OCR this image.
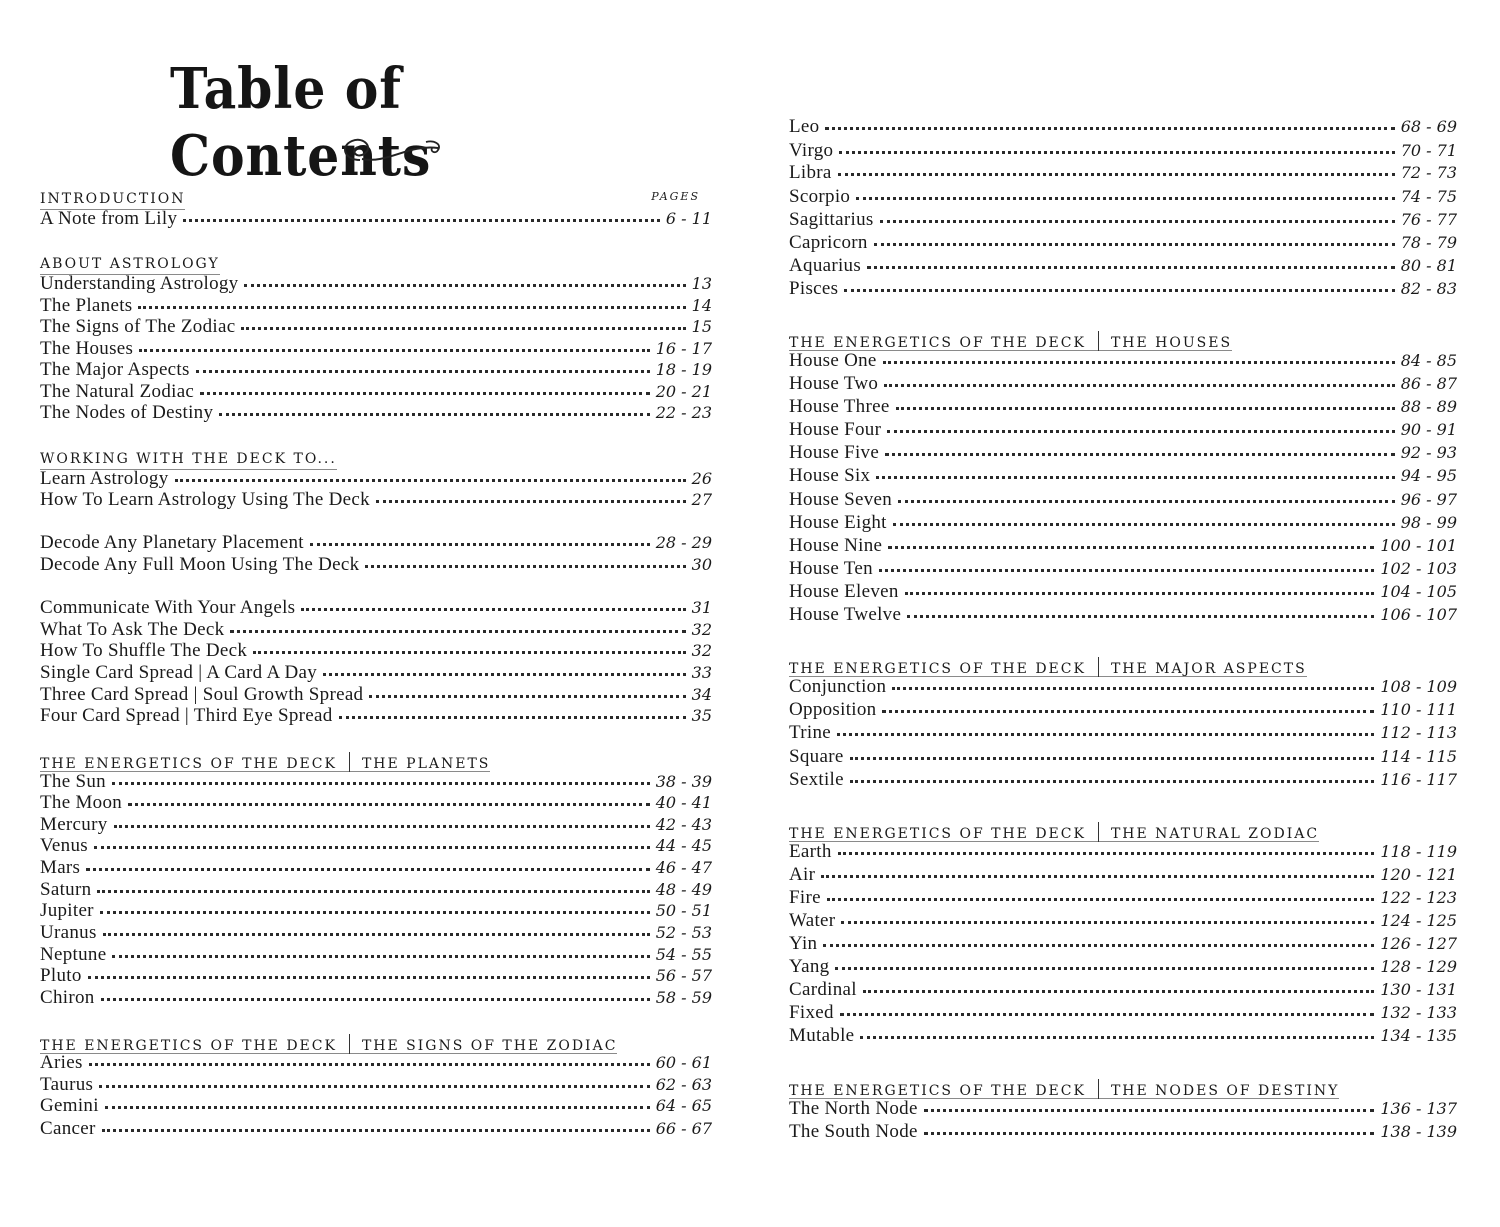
Table of Contents
PAGES
INTRODUCTION
A Note from Lily	6 - 11
ABOUT ASTROLOGY
Understanding Astrology	13
The Planets	14
The Signs of The Zodiac	15
The Houses	16 - 17
The Major Aspects	18 - 19
The Natural Zodiac	20 - 21
The Nodes of Destiny	22 - 23
WORKING WITH THE DECK TO...
Learn Astrology	26
How To Learn Astrology Using The Deck	27
Decode Any Planetary Placement	28 - 29
Decode Any Full Moon Using The Deck	30
Communicate With Your Angels	31
What To Ask The Deck	32
How To Shuffle The Deck	32
Single Card Spread | A Card A Day	33
Three Card Spread | Soul Growth Spread	34
Four Card Spread | Third Eye Spread	35
THE ENERGETICS OF THE DECK THE PLANETS
The Sun	38 - 39
The Moon	40 - 41
Mercury	42 - 43
Venus	44 - 45
Mars	46 - 47
Saturn	48 - 49
Jupiter	50 - 51
Uranus	52 - 53
Neptune	54 - 55
Pluto	56 - 57
Chiron	58 - 59
THE ENERGETICS OF THE DECK THE SIGNS OF THE ZODIAC
Aries	60 - 61
Taurus	62 - 63
Gemini	64 - 65
Cancer	66 - 67
Leo	68 - 69
Virgo	70 - 71
Libra	72 - 73
Scorpio	74 - 75
Sagittarius	76 - 77
Capricorn	78 - 79
Aquarius	80 - 81
Pisces	82 - 83
THE ENERGETICS OF THE DECK THE HOUSES
House One	84 - 85
House Two	86 - 87
House Three	88 - 89
House Four	90 - 91
House Five	92 - 93
House Six	94 - 95
House Seven	96 - 97
House Eight	98 - 99
House Nine	100 - 101
House Ten	102 - 103
House Eleven	104 - 105
House Twelve	106 - 107
THE ENERGETICS OF THE DECK THE MAJOR ASPECTS
Conjunction	108 - 109
Opposition	110 - 111
Trine	112 - 113
Square	114 - 115
Sextile	116 - 117
THE ENERGETICS OF THE DECK THE NATURAL ZODIAC
Earth	118 - 119
Air	120 - 121
Fire	122 - 123
Water	124 - 125
Yin	126 - 127
Yang	128 - 129
Cardinal	130 - 131
Fixed	132 - 133
Mutable	134 - 135
THE ENERGETICS OF THE DECK THE NODES OF DESTINY
The North Node	136 - 137
The South Node	138 - 139
